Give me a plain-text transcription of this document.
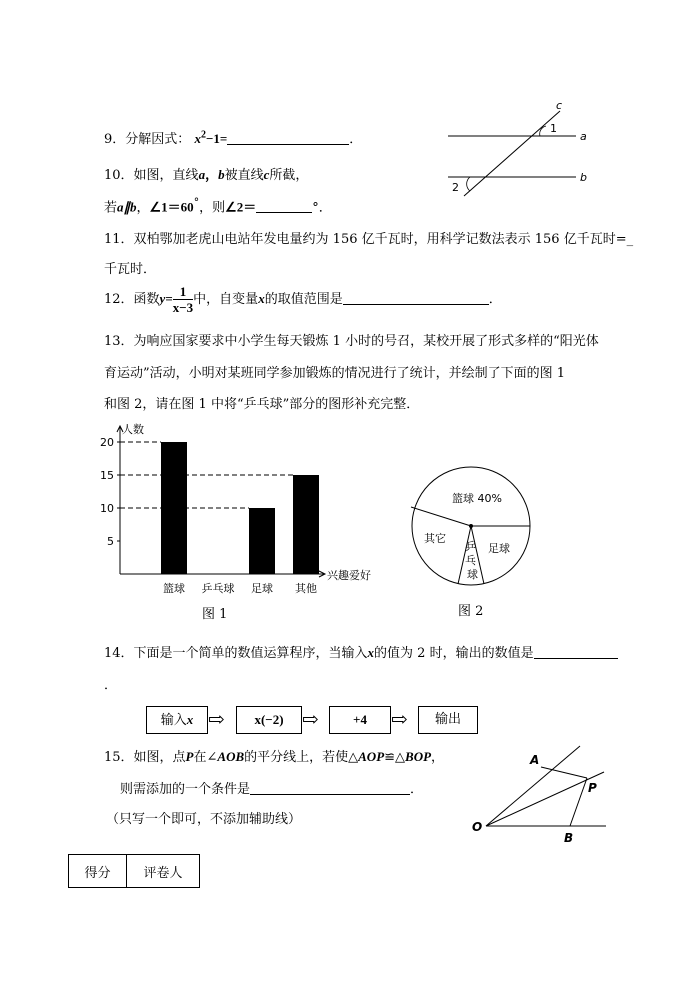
9．分解因式： $x^2-1=$	．
10．如图，直线a，b被直线c所截，
若a∥b，∠1＝60°，则∠2＝	°．
c
1
a
2
b
11．双柏鄂加老虎山电站年发电量约为 156 亿千瓦时，用科学记数法表示 156 亿千瓦时=_
千瓦时．
12．函数$y= \frac{1}{x-3}$ 中，自变量x的取值范围是	．
13．为响应国家要求中小学生每天锻炼 1 小时的号召，某校开展了形式多样的“阳光体
育运动”活动，小明对某班同学参加锻炼的情况进行了统计，并绘制了下面的图 1
和图 2，请在图 1 中将“乒乓球”部分的图形补充完整．
人数
兴趣爱好
5
10
15
20
篮球 乒乓球 足球 其他
图 1
篮球 40%
其它
足球
乒
乓
球
图 2
14．下面是一个简单的数值运算程序，当输入x的值为 2 时，输出的数值是
．
输入x ⇨	x(−2) ⇨	+4	⇨	输出
15．如图，点P在∠AOB的平分线上，若使△AOP≌△BOP，
则需添加的一个条件是	．
（只写一个即可，不添加辅助线）
A
P
O
B
得分	评卷人
